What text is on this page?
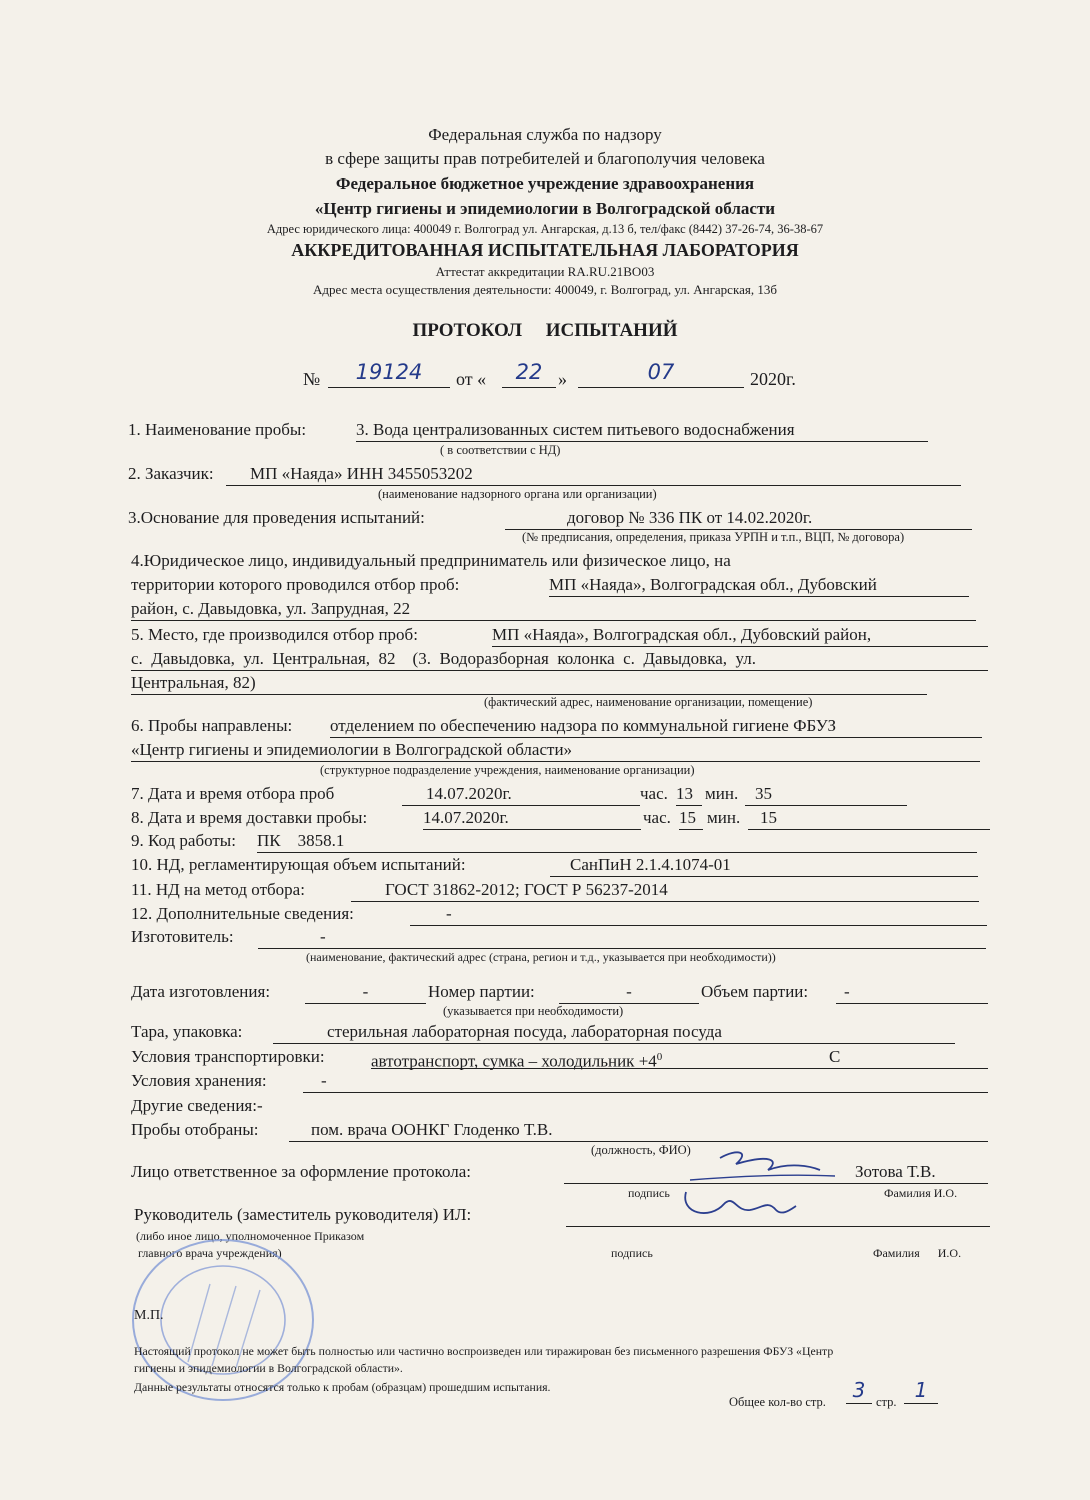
Федеральная служба по надзору
в сфере защиты прав потребителей и благополучия человека
Федеральное бюджетное учреждение здравоохранения
«Центр гигиены и эпидемиологии в Волгоградской области
Адрес юридического лица: 400049 г. Волгоград ул. Ангарская, д.13 б, тел/факс (8442) 37-26-74, 36-38-67
АККРЕДИТОВАННАЯ ИСПЫТАТЕЛЬНАЯ ЛАБОРАТОРИЯ
Аттестат аккредитации RA.RU.21ВО03
Адрес места осуществления деятельности: 400049, г. Волгоград, ул. Ангарская, 13б
ПРОТОКОЛ     ИСПЫТАНИЙ
№	19124	от «	22 »	07	2020г.
1. Наименование пробы:	3. Вода централизованных систем питьевого водоснабжения
( в соответствии с НД)
2. Заказчик:	МП «Наяда» ИНН 3455053202
(наименование надзорного органа или организации)
3.Основание для проведения испытаний:	договор № 336 ПК от 14.02.2020г.
(№ предписания, определения, приказа УРПН и т.п., ВЦП, № договора)
4.Юридическое лицо, индивидуальный предприниматель или физическое лицо, на
территории которого проводился отбор проб:	МП «Наяда», Волгоградская обл., Дубовский
район, с. Давыдовка, ул. Запрудная, 22
5. Место, где производился отбор проб:	МП «Наяда», Волгоградская обл., Дубовский район,
с.  Давыдовка,  ул.  Центральная,  82    (3.  Водоразборная  колонка  с.  Давыдовка,  ул.
Центральная, 82)
(фактический адрес, наименование организации, помещение)
6. Пробы направлены: отделением по обеспечению надзора по коммунальной гигиене ФБУЗ
«Центр гигиены и эпидемиологии в Волгоградской области»
(структурное подразделение учреждения, наименование организации)
7. Дата и время отбора проб	14.07.2020г.	час. 13 мин. 35
8. Дата и время доставки пробы:	14.07.2020г.	час. 15 мин.	15
9. Код работы: ПК    3858.1
10. НД, регламентирующая объем испытаний:	СанПиН 2.1.4.1074-01
11. НД на метод отбора:	ГОСТ 31862-2012; ГОСТ Р 56237-2014
12. Дополнительные сведения:	-
Изготовитель:	-
(наименование, фактический адрес (страна, регион и т.д., указывается при необходимости))
Дата изготовления:	-	Номер партии:	-	Объем партии:	-
(указывается при необходимости)
Тара, упаковка:	стерильная лабораторная посуда, лабораторная посуда
Условия транспортировки:	автотранспорт, сумка – холодильник $+4^0$	С
Условия хранения:	-
Другие сведения:-
Пробы отобраны:	пом. врача ООНКГ Глоденко Т.В.
(должность, ФИО)
Лицо ответственное за оформление протокола:	Зотова Т.В.
подпись	Фамилия И.О.
Руководитель (заместитель руководителя) ИЛ:
(либо иное лицо, уполномоченное Приказом
главного врача учреждения)	подпись	Фамилия      И.О.
М.П.
Настоящий протокол не может быть полностью или частично воспроизведен или тиражирован без письменного разрешения ФБУЗ «Центр
гигиены и эпидемиологии в Волгоградской области».
Данные результаты относятся только к пробам (образцам) прошедшим испытания.
Общее кол-во стр.	3 стр. 1
